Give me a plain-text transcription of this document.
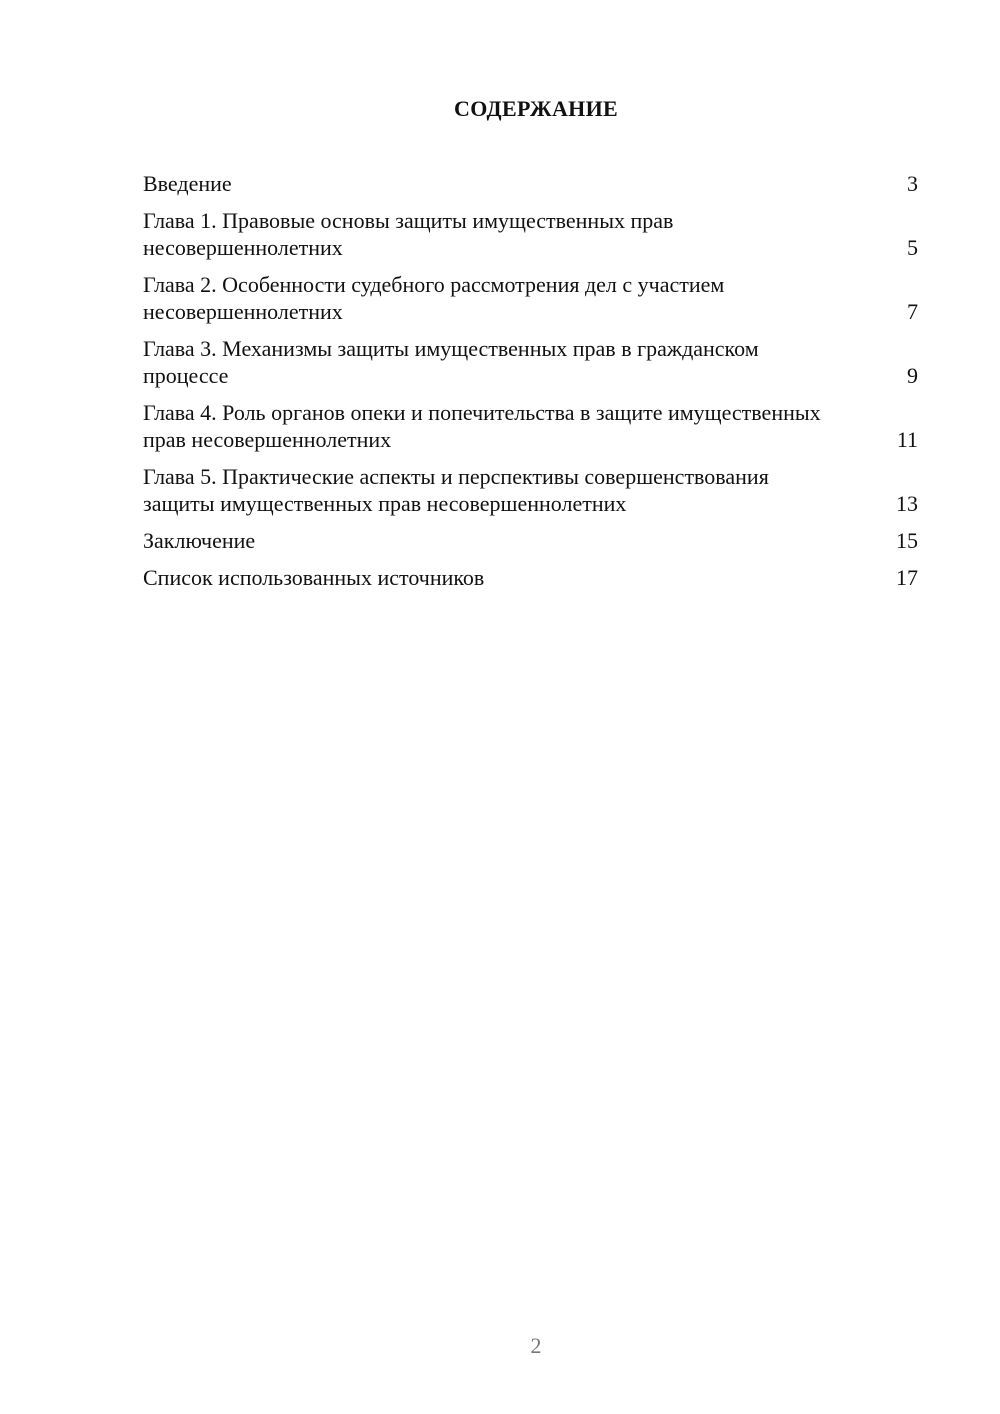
СОДЕРЖАНИЕ
Введение	3
Глава 1. Правовые основы защиты имущественных прав несовершеннолетних	5
Глава 2. Особенности судебного рассмотрения дел с участием несовершеннолетних	7
Глава 3. Механизмы защиты имущественных прав в гражданском процессе	9
Глава 4. Роль органов опеки и попечительства в защите имущественных прав несовершеннолетних	11
Глава 5. Практические аспекты и перспективы совершенствования защиты имущественных прав несовершеннолетних	13
Заключение	15
Список использованных источников	17
2
